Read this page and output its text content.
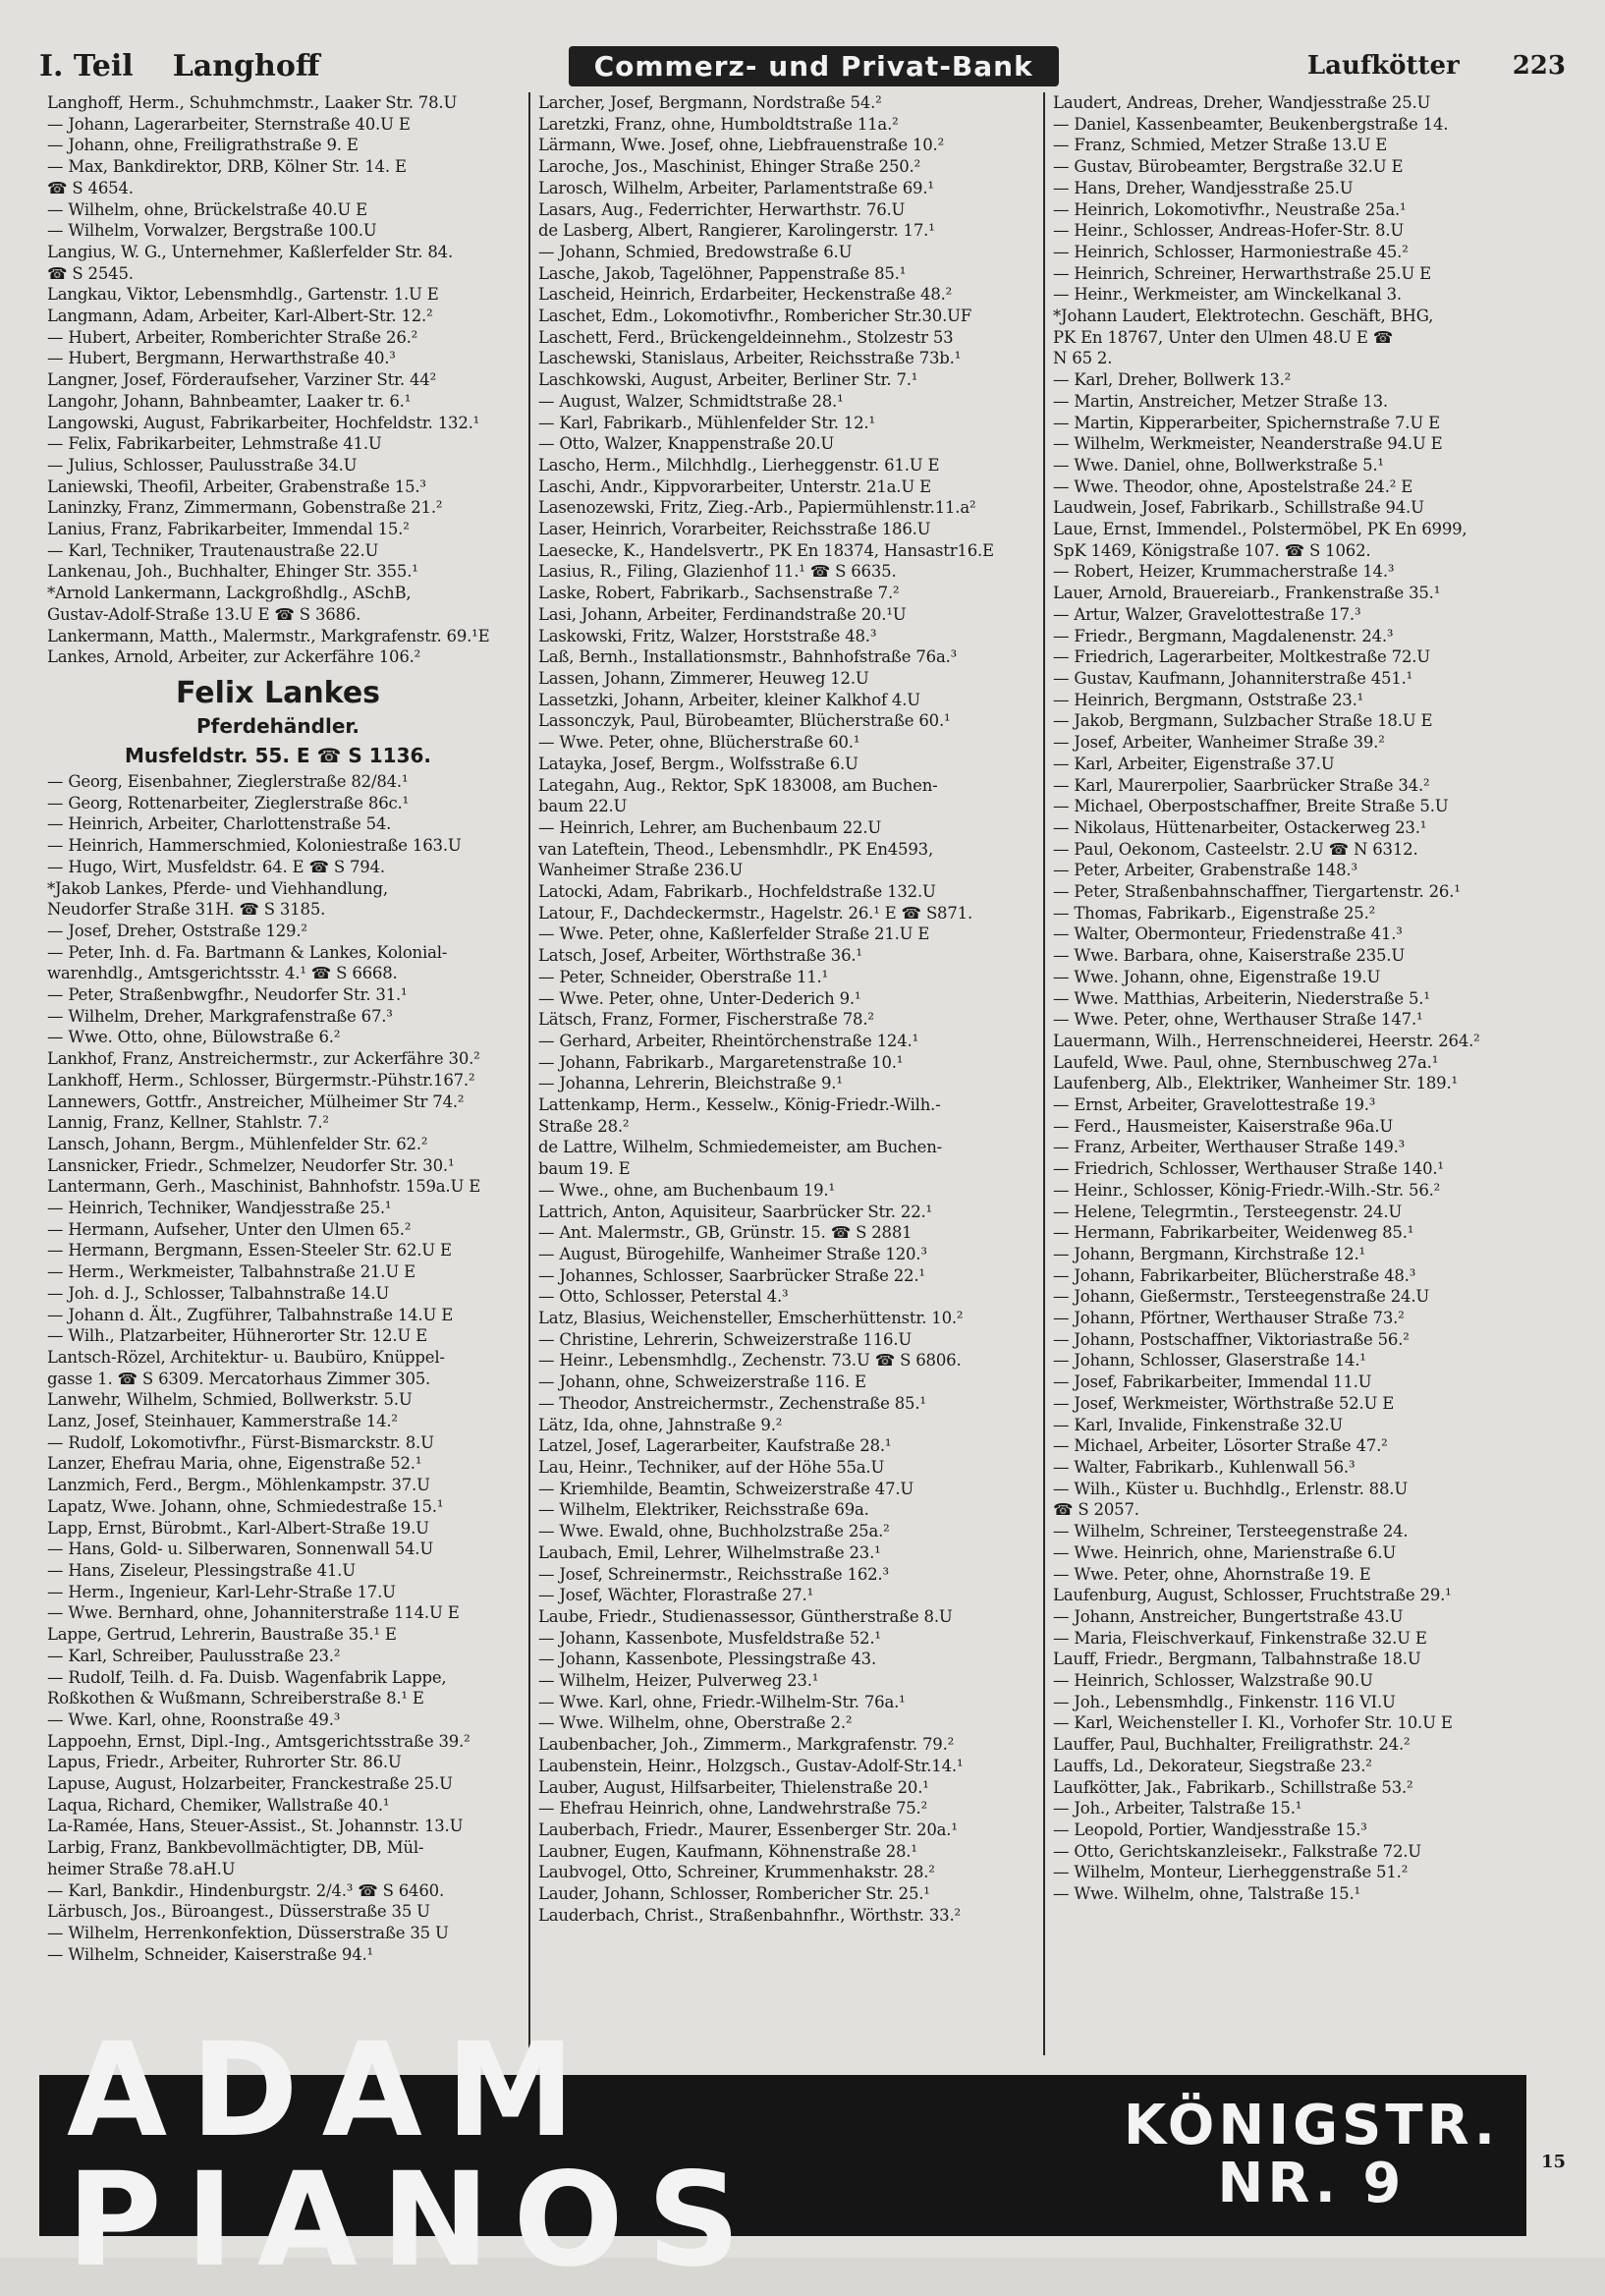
I. Teil Langhoff	Commerz- und Privat-Bank	Laufkötter 223
Langhoff, Herm., Schuhmchmstr., Laaker Str. 78.U
— Johann, Lagerarbeiter, Sternstraße 40.U E
— Johann, ohne, Freiligrathstraße 9. E
— Max, Bankdirektor, DRB, Kölner Str. 14. E
☎ S 4654.
— Wilhelm, ohne, Brückelstraße 40.U E
— Wilhelm, Vorwalzer, Bergstraße 100.U
Langius, W. G., Unternehmer, Kaßlerfelder Str. 84.
☎ S 2545.
Langkau, Viktor, Lebensmhdlg., Gartenstr. 1.U E
Langmann, Adam, Arbeiter, Karl-Albert-Str. 12.²
— Hubert, Arbeiter, Romberichter Straße 26.²
— Hubert, Bergmann, Herwarthstraße 40.³
Langner, Josef, Förderaufseher, Varziner Str. 44²
Langohr, Johann, Bahnbeamter, Laaker tr. 6.¹
Langowski, August, Fabrikarbeiter, Hochfeldstr. 132.¹
— Felix, Fabrikarbeiter, Lehmstraße 41.U
— Julius, Schlosser, Paulusstraße 34.U
Laniewski, Theofil, Arbeiter, Grabenstraße 15.³
Laninzky, Franz, Zimmermann, Gobenstraße 21.²
Lanius, Franz, Fabrikarbeiter, Immendal 15.²
— Karl, Techniker, Trautenaustraße 22.U
Lankenau, Joh., Buchhalter, Ehinger Str. 355.¹
*Arnold Lankermann, Lackgroßhdlg., ASchB,
Gustav-Adolf-Straße 13.U E ☎ S 3686.
Lankermann, Matth., Malermstr., Markgrafenstr. 69.¹E
Lankes, Arnold, Arbeiter, zur Ackerfähre 106.²
Felix Lankes
Pferdehändler.
Musfeldstr. 55. E ☎ S 1136.
— Georg, Eisenbahner, Zieglerstraße 82/84.¹
— Georg, Rottenarbeiter, Zieglerstraße 86c.¹
— Heinrich, Arbeiter, Charlottenstraße 54.
— Heinrich, Hammerschmied, Koloniestraße 163.U
— Hugo, Wirt, Musfeldstr. 64. E ☎ S 794.
*Jakob Lankes, Pferde- und Viehhandlung,
Neudorfer Straße 31H. ☎ S 3185.
— Josef, Dreher, Oststraße 129.²
— Peter, Inh. d. Fa. Bartmann & Lankes, Kolonial-
warenhdlg., Amtsgerichtsstr. 4.¹ ☎ S 6668.
— Peter, Straßenbwgfhr., Neudorfer Str. 31.¹
— Wilhelm, Dreher, Markgrafenstraße 67.³
— Wwe. Otto, ohne, Bülowstraße 6.²
Lankhof, Franz, Anstreichermstr., zur Ackerfähre 30.²
Lankhoff, Herm., Schlosser, Bürgermstr.-Pühstr.167.²
Lannewers, Gottfr., Anstreicher, Mülheimer Str 74.²
Lannig, Franz, Kellner, Stahlstr. 7.²
Lansch, Johann, Bergm., Mühlenfelder Str. 62.²
Lansnicker, Friedr., Schmelzer, Neudorfer Str. 30.¹
Lantermann, Gerh., Maschinist, Bahnhofstr. 159a.U E
— Heinrich, Techniker, Wandjesstraße 25.¹
— Hermann, Aufseher, Unter den Ulmen 65.²
— Hermann, Bergmann, Essen-Steeler Str. 62.U E
— Herm., Werkmeister, Talbahnstraße 21.U E
— Joh. d. J., Schlosser, Talbahnstraße 14.U
— Johann d. Ält., Zugführer, Talbahnstraße 14.U E
— Wilh., Platzarbeiter, Hühnerorter Str. 12.U E
Lantsch-Rözel, Architektur- u. Baubüro, Knüppel-
gasse 1. ☎ S 6309. Mercatorhaus Zimmer 305.
Lanwehr, Wilhelm, Schmied, Bollwerkstr. 5.U
Lanz, Josef, Steinhauer, Kammerstraße 14.²
— Rudolf, Lokomotivfhr., Fürst-Bismarckstr. 8.U
Lanzer, Ehefrau Maria, ohne, Eigenstraße 52.¹
Lanzmich, Ferd., Bergm., Möhlenkampstr. 37.U
Lapatz, Wwe. Johann, ohne, Schmiedestraße 15.¹
Lapp, Ernst, Bürobmt., Karl-Albert-Straße 19.U
— Hans, Gold- u. Silberwaren, Sonnenwall 54.U
— Hans, Ziseleur, Plessingstraße 41.U
— Herm., Ingenieur, Karl-Lehr-Straße 17.U
— Wwe. Bernhard, ohne, Johanniterstraße 114.U E
Lappe, Gertrud, Lehrerin, Baustraße 35.¹ E
— Karl, Schreiber, Paulusstraße 23.²
— Rudolf, Teilh. d. Fa. Duisb. Wagenfabrik Lappe,
Roßkothen & Wußmann, Schreiberstraße 8.¹ E
— Wwe. Karl, ohne, Roonstraße 49.³
Lappoehn, Ernst, Dipl.-Ing., Amtsgerichtsstraße 39.²
Lapus, Friedr., Arbeiter, Ruhrorter Str. 86.U
Lapuse, August, Holzarbeiter, Franckestraße 25.U
Laqua, Richard, Chemiker, Wallstraße 40.¹
La-Ramée, Hans, Steuer-Assist., St. Johannstr. 13.U
Larbig, Franz, Bankbevollmächtigter, DB, Mül-
heimer Straße 78.aH.U
— Karl, Bankdir., Hindenburgstr. 2/4.³ ☎ S 6460.
Lärbusch, Jos., Büroangest., Düsserstraße 35 U
— Wilhelm, Herrenkonfektion, Düsserstraße 35 U
— Wilhelm, Schneider, Kaiserstraße 94.¹
Larcher, Josef, Bergmann, Nordstraße 54.²
Laretzki, Franz, ohne, Humboldtstraße 11a.²
Lärmann, Wwe. Josef, ohne, Liebfrauenstraße 10.²
Laroche, Jos., Maschinist, Ehinger Straße 250.²
Larosch, Wilhelm, Arbeiter, Parlamentstraße 69.¹
Lasars, Aug., Federrichter, Herwarthstr. 76.U
de Lasberg, Albert, Rangierer, Karolingerstr. 17.¹
— Johann, Schmied, Bredowstraße 6.U
Lasche, Jakob, Tagelöhner, Pappenstraße 85.¹
Lascheid, Heinrich, Erdarbeiter, Heckenstraße 48.²
Laschet, Edm., Lokomotivfhr., Rombericher Str.30.UF
Laschett, Ferd., Brückengeldeinnehm., Stolzestr 53
Laschewski, Stanislaus, Arbeiter, Reichsstraße 73b.¹
Laschkowski, August, Arbeiter, Berliner Str. 7.¹
— August, Walzer, Schmidtstraße 28.¹
— Karl, Fabrikarb., Mühlenfelder Str. 12.¹
— Otto, Walzer, Knappenstraße 20.U
Lascho, Herm., Milchhdlg., Lierheggenstr. 61.U E
Laschi, Andr., Kippvorarbeiter, Unterstr. 21a.U E
Lasenozewski, Fritz, Zieg.-Arb., Papiermühlenstr.11.a²
Laser, Heinrich, Vorarbeiter, Reichsstraße 186.U
Laesecke, K., Handelsvertr., PK En 18374, Hansastr16.E
Lasius, R., Filing, Glazienhof 11.¹ ☎ S 6635.
Laske, Robert, Fabrikarb., Sachsenstraße 7.²
Lasi, Johann, Arbeiter, Ferdinandstraße 20.¹U
Laskowski, Fritz, Walzer, Horststraße 48.³
Laß, Bernh., Installationsmstr., Bahnhofstraße 76a.³
Lassen, Johann, Zimmerer, Heuweg 12.U
Lassetzki, Johann, Arbeiter, kleiner Kalkhof 4.U
Lassonczyk, Paul, Bürobeamter, Blücherstraße 60.¹
— Wwe. Peter, ohne, Blücherstraße 60.¹
Latayka, Josef, Bergm., Wolfsstraße 6.U
Lategahn, Aug., Rektor, SpK 183008, am Buchen-
baum 22.U
— Heinrich, Lehrer, am Buchenbaum 22.U
van Lateftein, Theod., Lebensmhdlr., PK En4593,
Wanheimer Straße 236.U
Latocki, Adam, Fabrikarb., Hochfeldstraße 132.U
Latour, F., Dachdeckermstr., Hagelstr. 26.¹ E ☎ S871.
— Wwe. Peter, ohne, Kaßlerfelder Straße 21.U E
Latsch, Josef, Arbeiter, Wörthstraße 36.¹
— Peter, Schneider, Oberstraße 11.¹
— Wwe. Peter, ohne, Unter-Dederich 9.¹
Lätsch, Franz, Former, Fischerstraße 78.²
— Gerhard, Arbeiter, Rheintörchenstraße 124.¹
— Johann, Fabrikarb., Margaretenstraße 10.¹
— Johanna, Lehrerin, Bleichstraße 9.¹
Lattenkamp, Herm., Kesselw., König-Friedr.-Wilh.-
Straße 28.²
de Lattre, Wilhelm, Schmiedemeister, am Buchen-
baum 19. E
— Wwe., ohne, am Buchenbaum 19.¹
Lattrich, Anton, Aquisiteur, Saarbrücker Str. 22.¹
— Ant. Malermstr., GB, Grünstr. 15. ☎ S 2881
— August, Bürogehilfe, Wanheimer Straße 120.³
— Johannes, Schlosser, Saarbrücker Straße 22.¹
— Otto, Schlosser, Peterstal 4.³
Latz, Blasius, Weichensteller, Emscherhüttenstr. 10.²
— Christine, Lehrerin, Schweizerstraße 116.U
— Heinr., Lebensmhdlg., Zechenstr. 73.U ☎ S 6806.
— Johann, ohne, Schweizerstraße 116. E
— Theodor, Anstreichermstr., Zechenstraße 85.¹
Lätz, Ida, ohne, Jahnstraße 9.²
Latzel, Josef, Lagerarbeiter, Kaufstraße 28.¹
Lau, Heinr., Techniker, auf der Höhe 55a.U
— Kriemhilde, Beamtin, Schweizerstraße 47.U
— Wilhelm, Elektriker, Reichsstraße 69a.
— Wwe. Ewald, ohne, Buchholzstraße 25a.²
Laubach, Emil, Lehrer, Wilhelmstraße 23.¹
— Josef, Schreinermstr., Reichsstraße 162.³
— Josef, Wächter, Florastraße 27.¹
Laube, Friedr., Studienassessor, Güntherstraße 8.U
— Johann, Kassenbote, Musfeldstraße 52.¹
— Johann, Kassenbote, Plessingstraße 43.
— Wilhelm, Heizer, Pulverweg 23.¹
— Wwe. Karl, ohne, Friedr.-Wilhelm-Str. 76a.¹
— Wwe. Wilhelm, ohne, Oberstraße 2.²
Laubenbacher, Joh., Zimmerm., Markgrafenstr. 79.²
Laubenstein, Heinr., Holzgsch., Gustav-Adolf-Str.14.¹
Lauber, August, Hilfsarbeiter, Thielenstraße 20.¹
— Ehefrau Heinrich, ohne, Landwehrstraße 75.²
Lauberbach, Friedr., Maurer, Essenberger Str. 20a.¹
Laubner, Eugen, Kaufmann, Köhnenstraße 28.¹
Laubvogel, Otto, Schreiner, Krummenhakstr. 28.²
Lauder, Johann, Schlosser, Rombericher Str. 25.¹
Lauderbach, Christ., Straßenbahnfhr., Wörthstr. 33.²
Laudert, Andreas, Dreher, Wandjesstraße 25.U
— Daniel, Kassenbeamter, Beukenbergstraße 14.
— Franz, Schmied, Metzer Straße 13.U E
— Gustav, Bürobeamter, Bergstraße 32.U E
— Hans, Dreher, Wandjesstraße 25.U
— Heinrich, Lokomotivfhr., Neustraße 25a.¹
— Heinr., Schlosser, Andreas-Hofer-Str. 8.U
— Heinrich, Schlosser, Harmoniestraße 45.²
— Heinrich, Schreiner, Herwarthstraße 25.U E
— Heinr., Werkmeister, am Winckelkanal 3.
*Johann Laudert, Elektrotechn. Geschäft, BHG,
PK En 18767, Unter den Ulmen 48.U E ☎
N 65 2.
— Karl, Dreher, Bollwerk 13.²
— Martin, Anstreicher, Metzer Straße 13.
— Martin, Kipperarbeiter, Spichernstraße 7.U E
— Wilhelm, Werkmeister, Neanderstraße 94.U E
— Wwe. Daniel, ohne, Bollwerkstraße 5.¹
— Wwe. Theodor, ohne, Apostelstraße 24.² E
Laudwein, Josef, Fabrikarb., Schillstraße 94.U
Laue, Ernst, Immendel., Polstermöbel, PK En 6999,
SpK 1469, Königstraße 107. ☎ S 1062.
— Robert, Heizer, Krummacherstraße 14.³
Lauer, Arnold, Brauereiarb., Frankenstraße 35.¹
— Artur, Walzer, Gravelottestraße 17.³
— Friedr., Bergmann, Magdalenenstr. 24.³
— Friedrich, Lagerarbeiter, Moltkestraße 72.U
— Gustav, Kaufmann, Johanniterstraße 451.¹
— Heinrich, Bergmann, Oststraße 23.¹
— Jakob, Bergmann, Sulzbacher Straße 18.U E
— Josef, Arbeiter, Wanheimer Straße 39.²
— Karl, Arbeiter, Eigenstraße 37.U
— Karl, Maurerpolier, Saarbrücker Straße 34.²
— Michael, Oberpostschaffner, Breite Straße 5.U
— Nikolaus, Hüttenarbeiter, Ostackerweg 23.¹
— Paul, Oekonom, Casteelstr. 2.U ☎ N 6312.
— Peter, Arbeiter, Grabenstraße 148.³
— Peter, Straßenbahnschaffner, Tiergartenstr. 26.¹
— Thomas, Fabrikarb., Eigenstraße 25.²
— Walter, Obermonteur, Friedenstraße 41.³
— Wwe. Barbara, ohne, Kaiserstraße 235.U
— Wwe. Johann, ohne, Eigenstraße 19.U
— Wwe. Matthias, Arbeiterin, Niederstraße 5.¹
— Wwe. Peter, ohne, Werthauser Straße 147.¹
Lauermann, Wilh., Herrenschneiderei, Heerstr. 264.²
Laufeld, Wwe. Paul, ohne, Sternbuschweg 27a.¹
Laufenberg, Alb., Elektriker, Wanheimer Str. 189.¹
— Ernst, Arbeiter, Gravelottestraße 19.³
— Ferd., Hausmeister, Kaiserstraße 96a.U
— Franz, Arbeiter, Werthauser Straße 149.³
— Friedrich, Schlosser, Werthauser Straße 140.¹
— Heinr., Schlosser, König-Friedr.-Wilh.-Str. 56.²
— Helene, Telegrmtin., Tersteegenstr. 24.U
— Hermann, Fabrikarbeiter, Weidenweg 85.¹
— Johann, Bergmann, Kirchstraße 12.¹
— Johann, Fabrikarbeiter, Blücherstraße 48.³
— Johann, Gießermstr., Tersteegenstraße 24.U
— Johann, Pförtner, Werthauser Straße 73.²
— Johann, Postschaffner, Viktoriastraße 56.²
— Johann, Schlosser, Glaserstraße 14.¹
— Josef, Fabrikarbeiter, Immendal 11.U
— Josef, Werkmeister, Wörthstraße 52.U E
— Karl, Invalide, Finkenstraße 32.U
— Michael, Arbeiter, Lösorter Straße 47.²
— Walter, Fabrikarb., Kuhlenwall 56.³
— Wilh., Küster u. Buchhdlg., Erlenstr. 88.U
☎ S 2057.
— Wilhelm, Schreiner, Tersteegenstraße 24.
— Wwe. Heinrich, ohne, Marienstraße 6.U
— Wwe. Peter, ohne, Ahornstraße 19. E
Laufenburg, August, Schlosser, Fruchtstraße 29.¹
— Johann, Anstreicher, Bungertstraße 43.U
— Maria, Fleischverkauf, Finkenstraße 32.U E
Lauff, Friedr., Bergmann, Talbahnstraße 18.U
— Heinrich, Schlosser, Walzstraße 90.U
— Joh., Lebensmhdlg., Finkenstr. 116 VI.U
— Karl, Weichensteller I. Kl., Vorhofer Str. 10.U E
Lauffer, Paul, Buchhalter, Freiligrathstr. 24.²
Lauffs, Ld., Dekorateur, Siegstraße 23.²
Laufkötter, Jak., Fabrikarb., Schillstraße 53.²
— Joh., Arbeiter, Talstraße 15.¹
— Leopold, Portier, Wandjesstraße 15.³
— Otto, Gerichtskanzleisekr., Falkstraße 72.U
— Wilhelm, Monteur, Lierheggenstraße 51.²
— Wwe. Wilhelm, ohne, Talstraße 15.¹
ADAM PIANOS
KÖNIGSTR.
NR. 9	15
